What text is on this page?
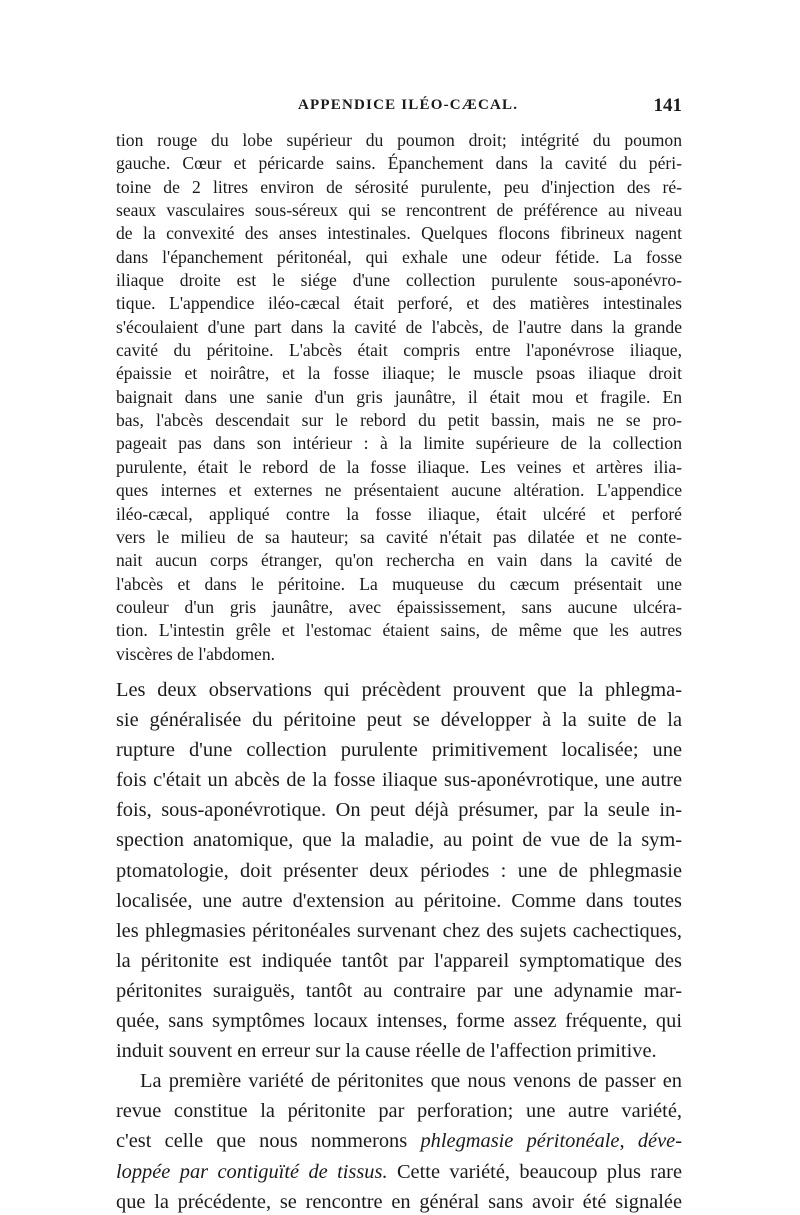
APPENDICE ILÉO-CÆCAL.	141
tion rouge du lobe supérieur du poumon droit; intégrité du poumon
gauche. Cœur et péricarde sains. Épanchement dans la cavité du péri-
toine de 2 litres environ de sérosité purulente, peu d'injection des ré-
seaux vasculaires sous-séreux qui se rencontrent de préférence au niveau
de la convexité des anses intestinales. Quelques flocons fibrineux nagent
dans l'épanchement péritonéal, qui exhale une odeur fétide. La fosse
iliaque droite est le siége d'une collection purulente sous-aponévro-
tique. L'appendice iléo-cæcal était perforé, et des matières intestinales
s'écoulaient d'une part dans la cavité de l'abcès, de l'autre dans la grande
cavité du péritoine. L'abcès était compris entre l'aponévrose iliaque,
épaissie et noirâtre, et la fosse iliaque; le muscle psoas iliaque droit
baignait dans une sanie d'un gris jaunâtre, il était mou et fragile. En
bas, l'abcès descendait sur le rebord du petit bassin, mais ne se pro-
pageait pas dans son intérieur : à la limite supérieure de la collection
purulente, était le rebord de la fosse iliaque. Les veines et artères ilia-
ques internes et externes ne présentaient aucune altération. L'appendice
iléo-cæcal, appliqué contre la fosse iliaque, était ulcéré et perforé
vers le milieu de sa hauteur; sa cavité n'était pas dilatée et ne conte-
nait aucun corps étranger, qu'on rechercha en vain dans la cavité de
l'abcès et dans le péritoine. La muqueuse du cæcum présentait une
couleur d'un gris jaunâtre, avec épaississement, sans aucune ulcéra-
tion. L'intestin grêle et l'estomac étaient sains, de même que les autres
viscères de l'abdomen.
Les deux observations qui précèdent prouvent que la phlegma-
sie généralisée du péritoine peut se développer à la suite de la
rupture d'une collection purulente primitivement localisée; une
fois c'était un abcès de la fosse iliaque sus-aponévrotique, une autre
fois, sous-aponévrotique. On peut déjà présumer, par la seule in-
spection anatomique, que la maladie, au point de vue de la sym-
ptomatologie, doit présenter deux périodes : une de phlegmasie
localisée, une autre d'extension au péritoine. Comme dans toutes
les phlegmasies péritonéales survenant chez des sujets cachectiques,
la péritonite est indiquée tantôt par l'appareil symptomatique des
péritonites suraiguës, tantôt au contraire par une adynamie mar-
quée, sans symptômes locaux intenses, forme assez fréquente, qui
induit souvent en erreur sur la cause réelle de l'affection primitive.
La première variété de péritonites que nous venons de passer en
revue constitue la péritonite par perforation; une autre variété,
c'est celle que nous nommerons phlegmasie péritonéale, déve-
loppée par contiguïté de tissus. Cette variété, beaucoup plus rare
que la précédente, se rencontre en général sans avoir été signalée
